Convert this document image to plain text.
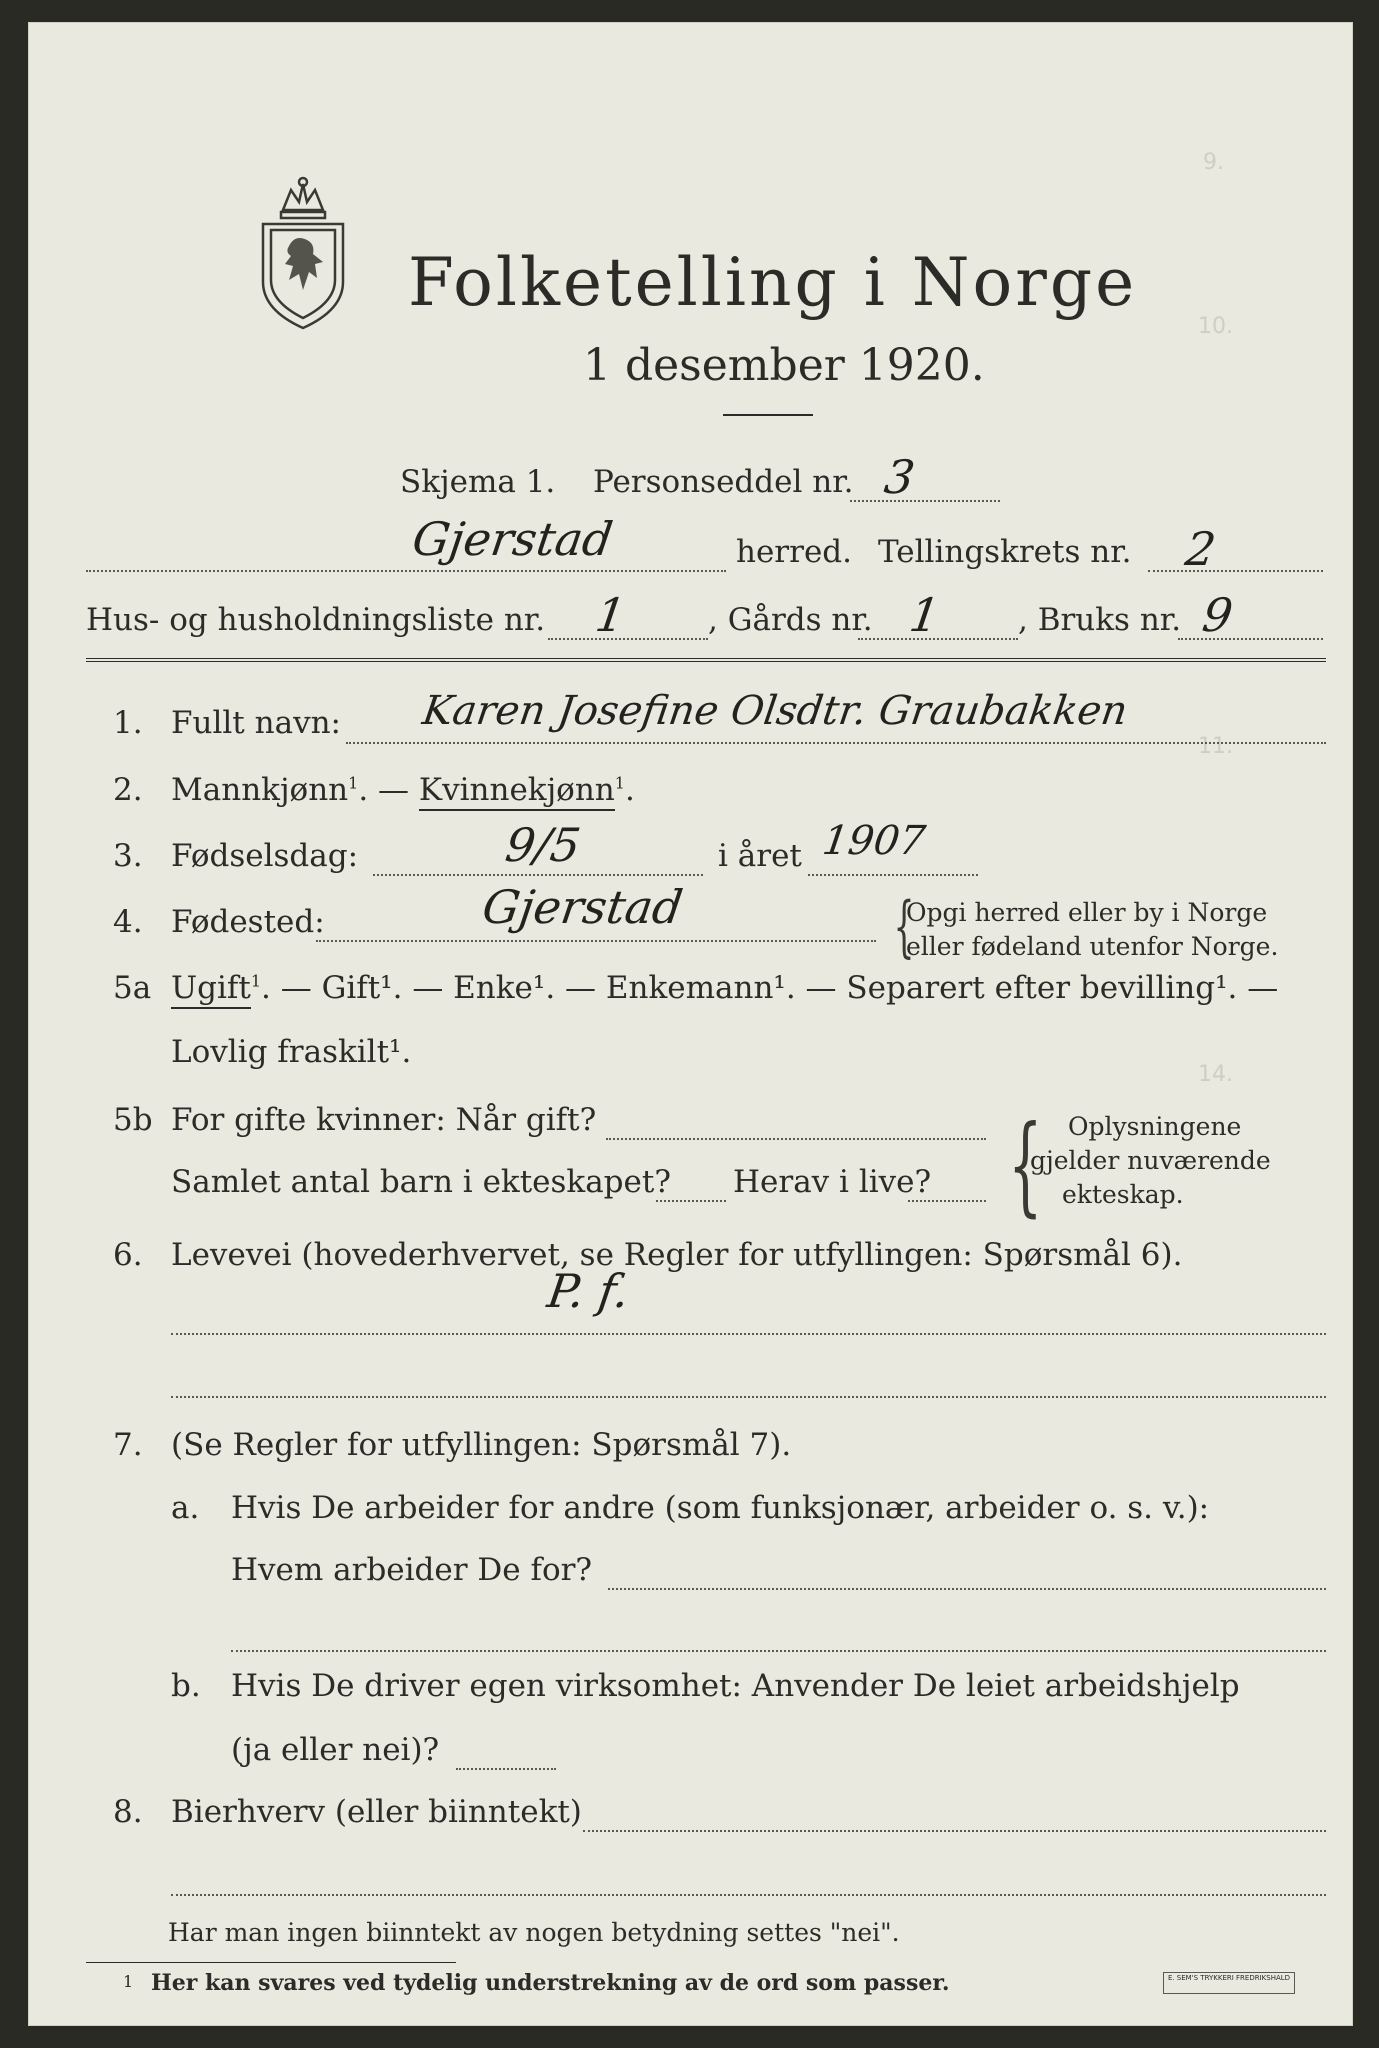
9.
10.
11.
14.
Folketelling i Norge
1 desember 1920.
Skjema 1. Personseddel nr. 3
Gjerstad	herred. Tellingskrets nr. 2
Hus- og husholdningsliste nr. 1	, Gårds nr. 1 , Bruks nr. 9
1. Fullt navn: Karen Josefine Olsdtr. Graubakken
2. Mannkjønn$^1$. — Kvinnekjønn$^1$.
3. Fødselsdag:	9/5	i året 1907
4. Fødested:	Gjerstad	{
Opgi herred eller by i Norge
eller fødeland utenfor Norge.
5a Ugift$^1$. — Gift¹. — Enke¹. — Enkemann¹. — Separert efter bevilling¹. —
Lovlig fraskilt¹.
5b For gifte kvinner: Når gift?
Samlet antal barn i ekteskapet? Herav i live? { Oplysningene
gjelder nuværende
ekteskap.
6. Levevei (hovederhvervet, se Regler for utfyllingen: Spørsmål 6).
P. f.
7. (Se Regler for utfyllingen: Spørsmål 7).
a. Hvis De arbeider for andre (som funksjonær, arbeider o. s. v.):
Hvem arbeider De for?
b. Hvis De driver egen virksomhet: Anvender De leiet arbeidshjelp
(ja eller nei)?
8. Bierhverv (eller biinntekt)
Har man ingen biinntekt av nogen betydning settes "nei".
1 Her kan svares ved tydelig understrekning av de ord som passer.	E. SEM'S TRYKKERI FREDRIKSHALD
